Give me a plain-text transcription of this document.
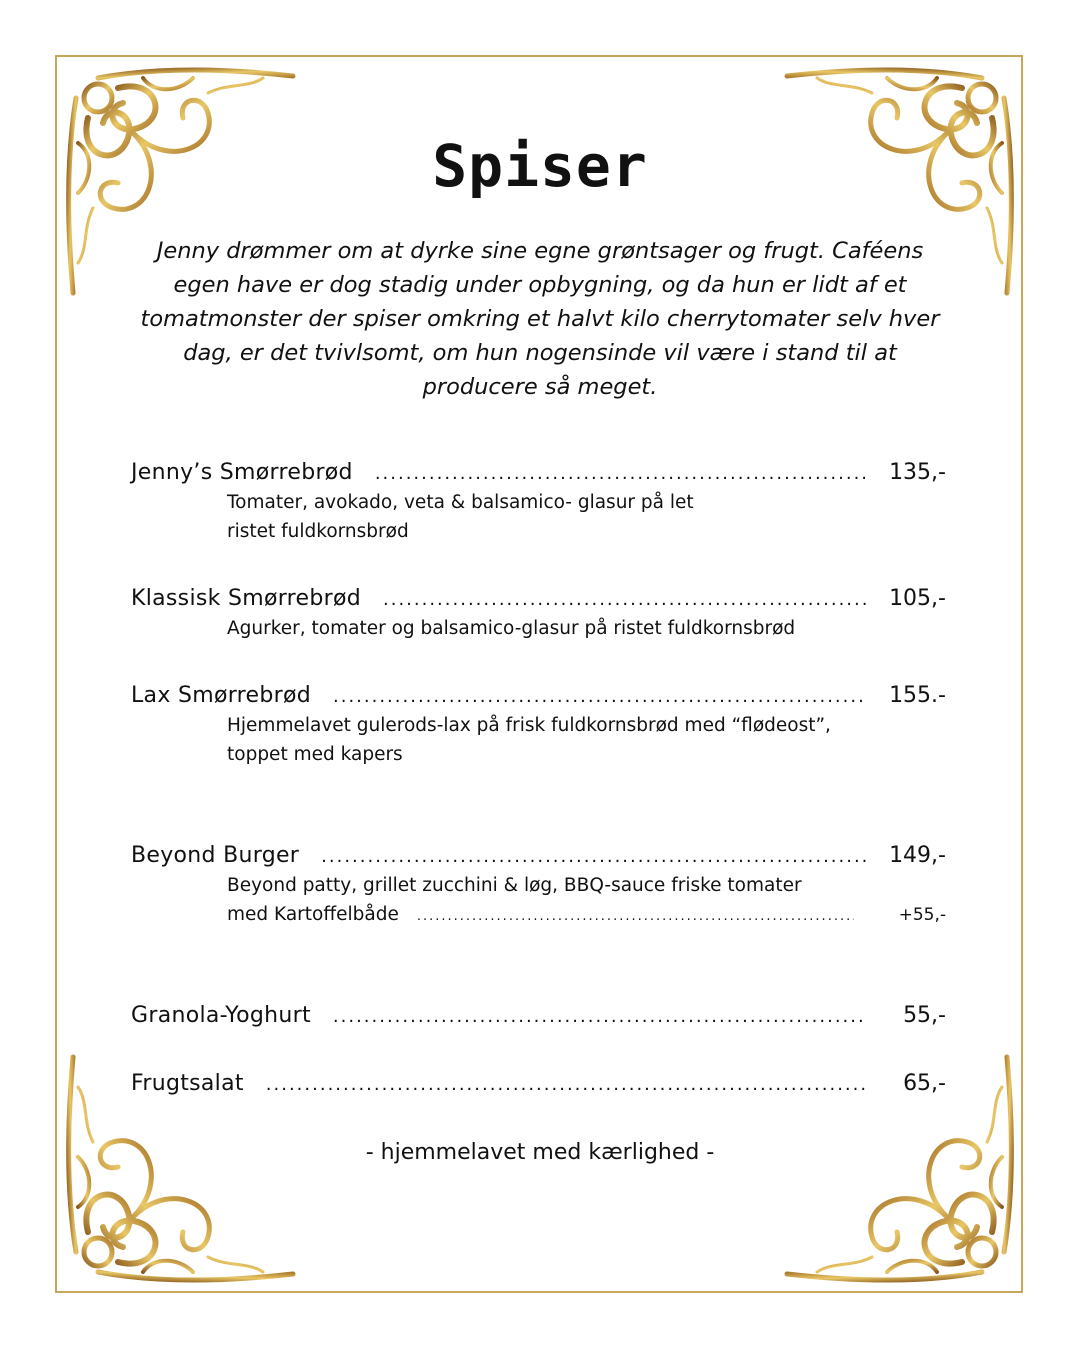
Spiser

Jenny drømmer om at dyrke sine egne grøntsager og frugt. Caféens egen have er dog stadig under opbygning, og da hun er lidt af et tomatmonster der spiser omkring et halvt kilo cherrytomater selv hver dag, er det tvivlsomt, om hun nogensinde vil være i stand til at producere så meget.

Jenny’s Smørrebrød .....	135,-
Tomater, avokado, veta & balsamico- glasur på let ristet fuldkornsbrød
Klassisk Smørrebrød .....	105,-
Agurker, tomater og balsamico-glasur på ristet fuldkornsbrød
Lax Smørrebrød .....	155.-
Hjemmelavet gulerods-lax på frisk fuldkornsbrød med “flødeost”, toppet med kapers
Beyond Burger .....	149,-
Beyond patty, grillet zucchini & løg, BBQ-sauce friske tomater
med Kartoffelbåde .....	+55,-
Granola-Yoghurt .....	55,-
Frugtsalat .....	65,-
- hjemmelavet med kærlighed -
